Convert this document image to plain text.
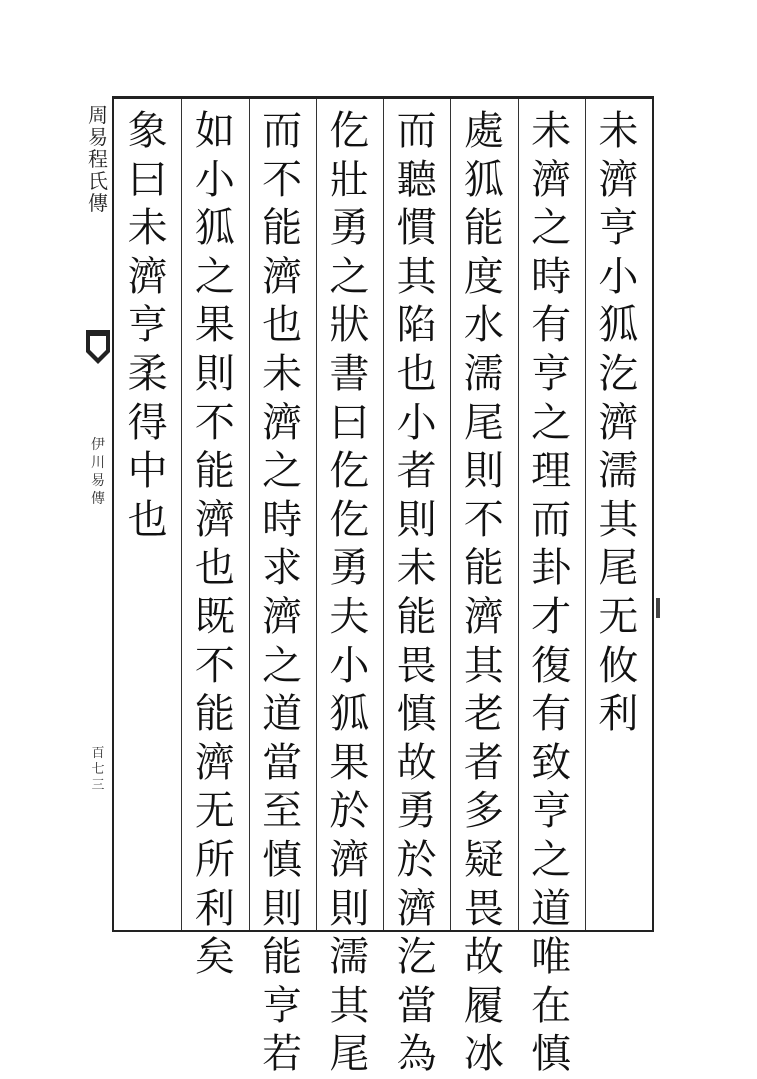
周
易
程
氏
傳
伊
川
易
傳
百
七
三
未
濟
亨
小
狐
汔
濟
濡
其
尾
无
攸
利
未
濟
之
時
有
亨
之
理
而
卦
才
復
有
致
亨
之
道
唯
在
慎
處
狐
能
度
水
濡
尾
則
不
能
濟
其
老
者
多
疑
畏
故
履
冰
而
聽
慣
其
陷
也
小
者
則
未
能
畏
慎
故
勇
於
濟
汔
當
為
仡
壯
勇
之
狀
書
曰
仡
仡
勇
夫
小
狐
果
於
濟
則
濡
其
尾
而
不
能
濟
也
未
濟
之
時
求
濟
之
道
當
至
慎
則
能
亨
若
如
小
狐
之
果
則
不
能
濟
也
既
不
能
濟
无
所
利
矣
象
曰
未
濟
亨
柔
得
中
也
